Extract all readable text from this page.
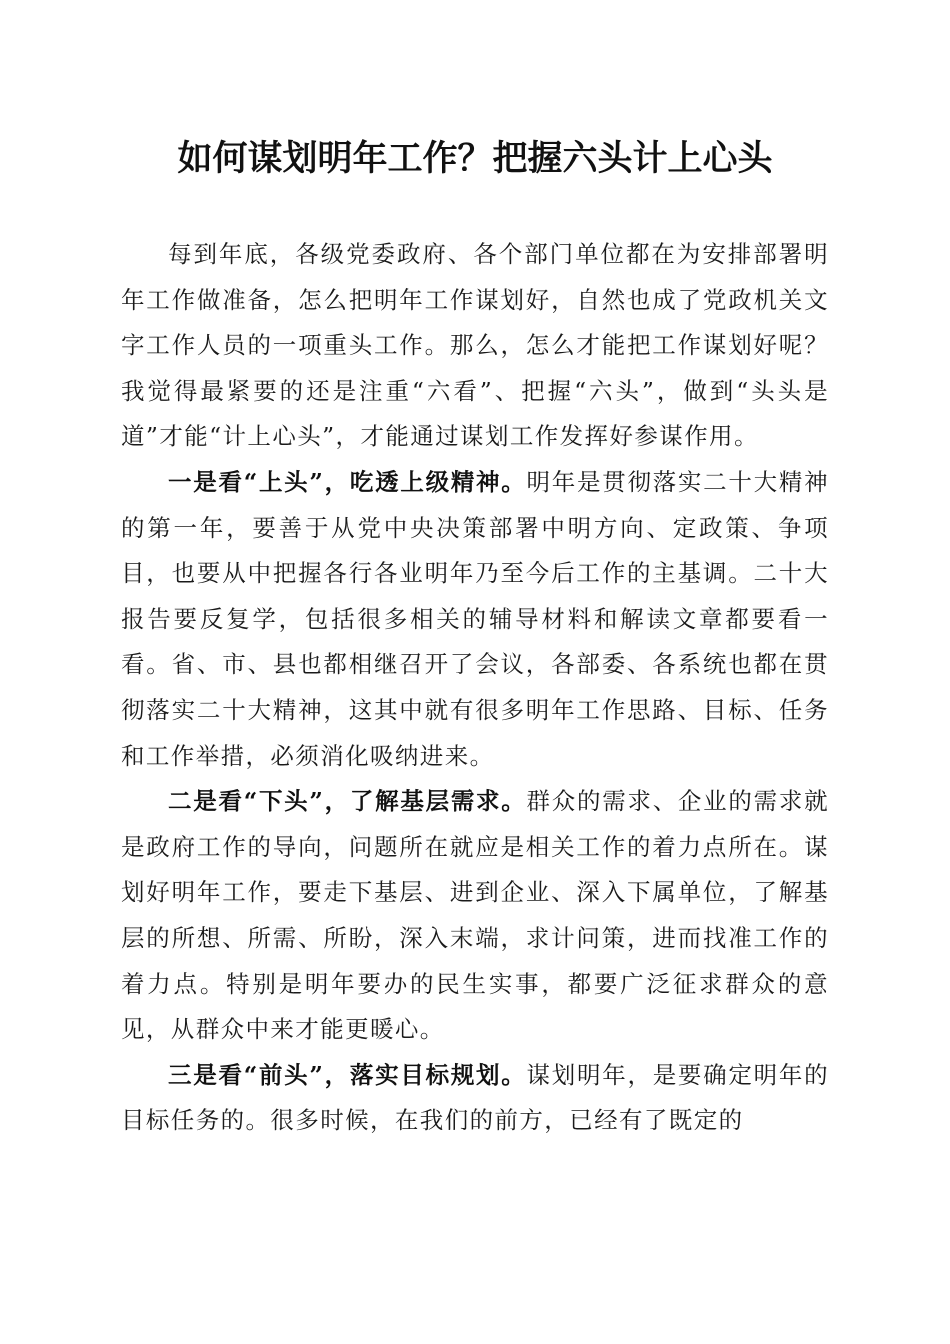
如何谋划明年工作？把握六头计上心头

每到年底，各级党委政府、各个部门单位都在为安排部署明年工作做准备，怎么把明年工作谋划好，自然也成了党政机关文字工作人员的一项重头工作。那么，怎么才能把工作谋划好呢？我觉得最紧要的还是注重“六看”、把握“六头”，做到“头头是道”才能“计上心头”，才能通过谋划工作发挥好参谋作用。

一是看“上头”，吃透上级精神。明年是贯彻落实二十大精神的第一年，要善于从党中央决策部署中明方向、定政策、争项目，也要从中把握各行各业明年乃至今后工作的主基调。二十大报告要反复学，包括很多相关的辅导材料和解读文章都要看一看。省、市、县也都相继召开了会议，各部委、各系统也都在贯彻落实二十大精神，这其中就有很多明年工作思路、目标、任务和工作举措，必须消化吸纳进来。

二是看“下头”，了解基层需求。群众的需求、企业的需求就是政府工作的导向，问题所在就应是相关工作的着力点所在。谋划好明年工作，要走下基层、进到企业、深入下属单位，了解基层的所想、所需、所盼，深入末端，求计问策，进而找准工作的着力点。特别是明年要办的民生实事，都要广泛征求群众的意见，从群众中来才能更暖心。

三是看“前头”，落实目标规划。谋划明年，是要确定明年的目标任务的。很多时候，在我们的前方，已经有了既定的
